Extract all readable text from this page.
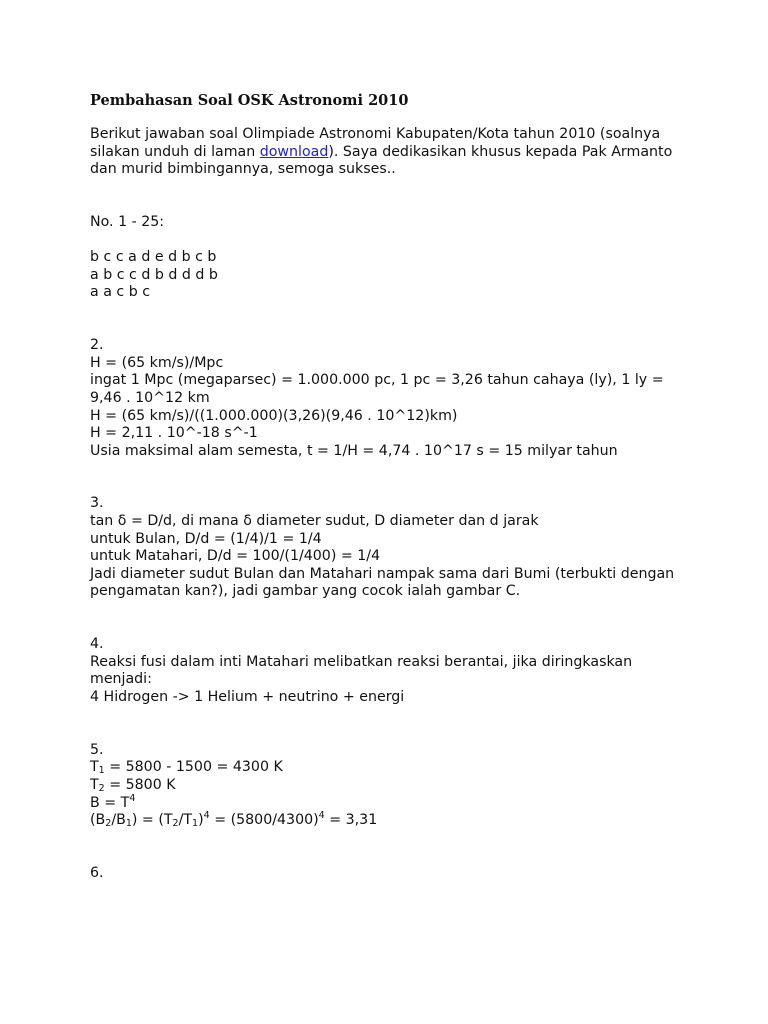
Pembahasan Soal OSK Astronomi 2010

Berikut jawaban soal Olimpiade Astronomi Kabupaten/Kota tahun 2010 (soalnya silakan unduh di laman download). Saya dedikasikan khusus kepada Pak Armanto dan murid bimbingannya, semoga sukses..

No. 1 - 25:

b c c a d e d b c b

a b c c d b d d d b

a a c b c

2.

H = (65 km/s)/Mpc

ingat 1 Mpc (megaparsec) = 1.000.000 pc, 1 pc = 3,26 tahun cahaya (ly), 1 ly = 9,46 . 10^12 km

H = (65 km/s)/((1.000.000)(3,26)(9,46 . 10^12)km)

H = 2,11 . 10^-18 s^-1

Usia maksimal alam semesta, t = 1/H = 4,74 . 10^17 s = 15 milyar tahun

3.

tan δ = D/d, di mana δ diameter sudut, D diameter dan d jarak

untuk Bulan, D/d = (1/4)/1 = 1/4

untuk Matahari, D/d = 100/(1/400) = 1/4

Jadi diameter sudut Bulan dan Matahari nampak sama dari Bumi (terbukti dengan pengamatan kan?), jadi gambar yang cocok ialah gambar C.

4.

Reaksi fusi dalam inti Matahari melibatkan reaksi berantai, jika diringkaskan menjadi:

4 Hidrogen -> 1 Helium + neutrino + energi

5.

$T_1 = 5800 - 1500 = 4300$ K

$T_2 = 5800$ K

$B = T^4$

$(B_2/B_1) = (T_2/T_1)^4 = (5800/4300)^4 = 3,31$

6.
